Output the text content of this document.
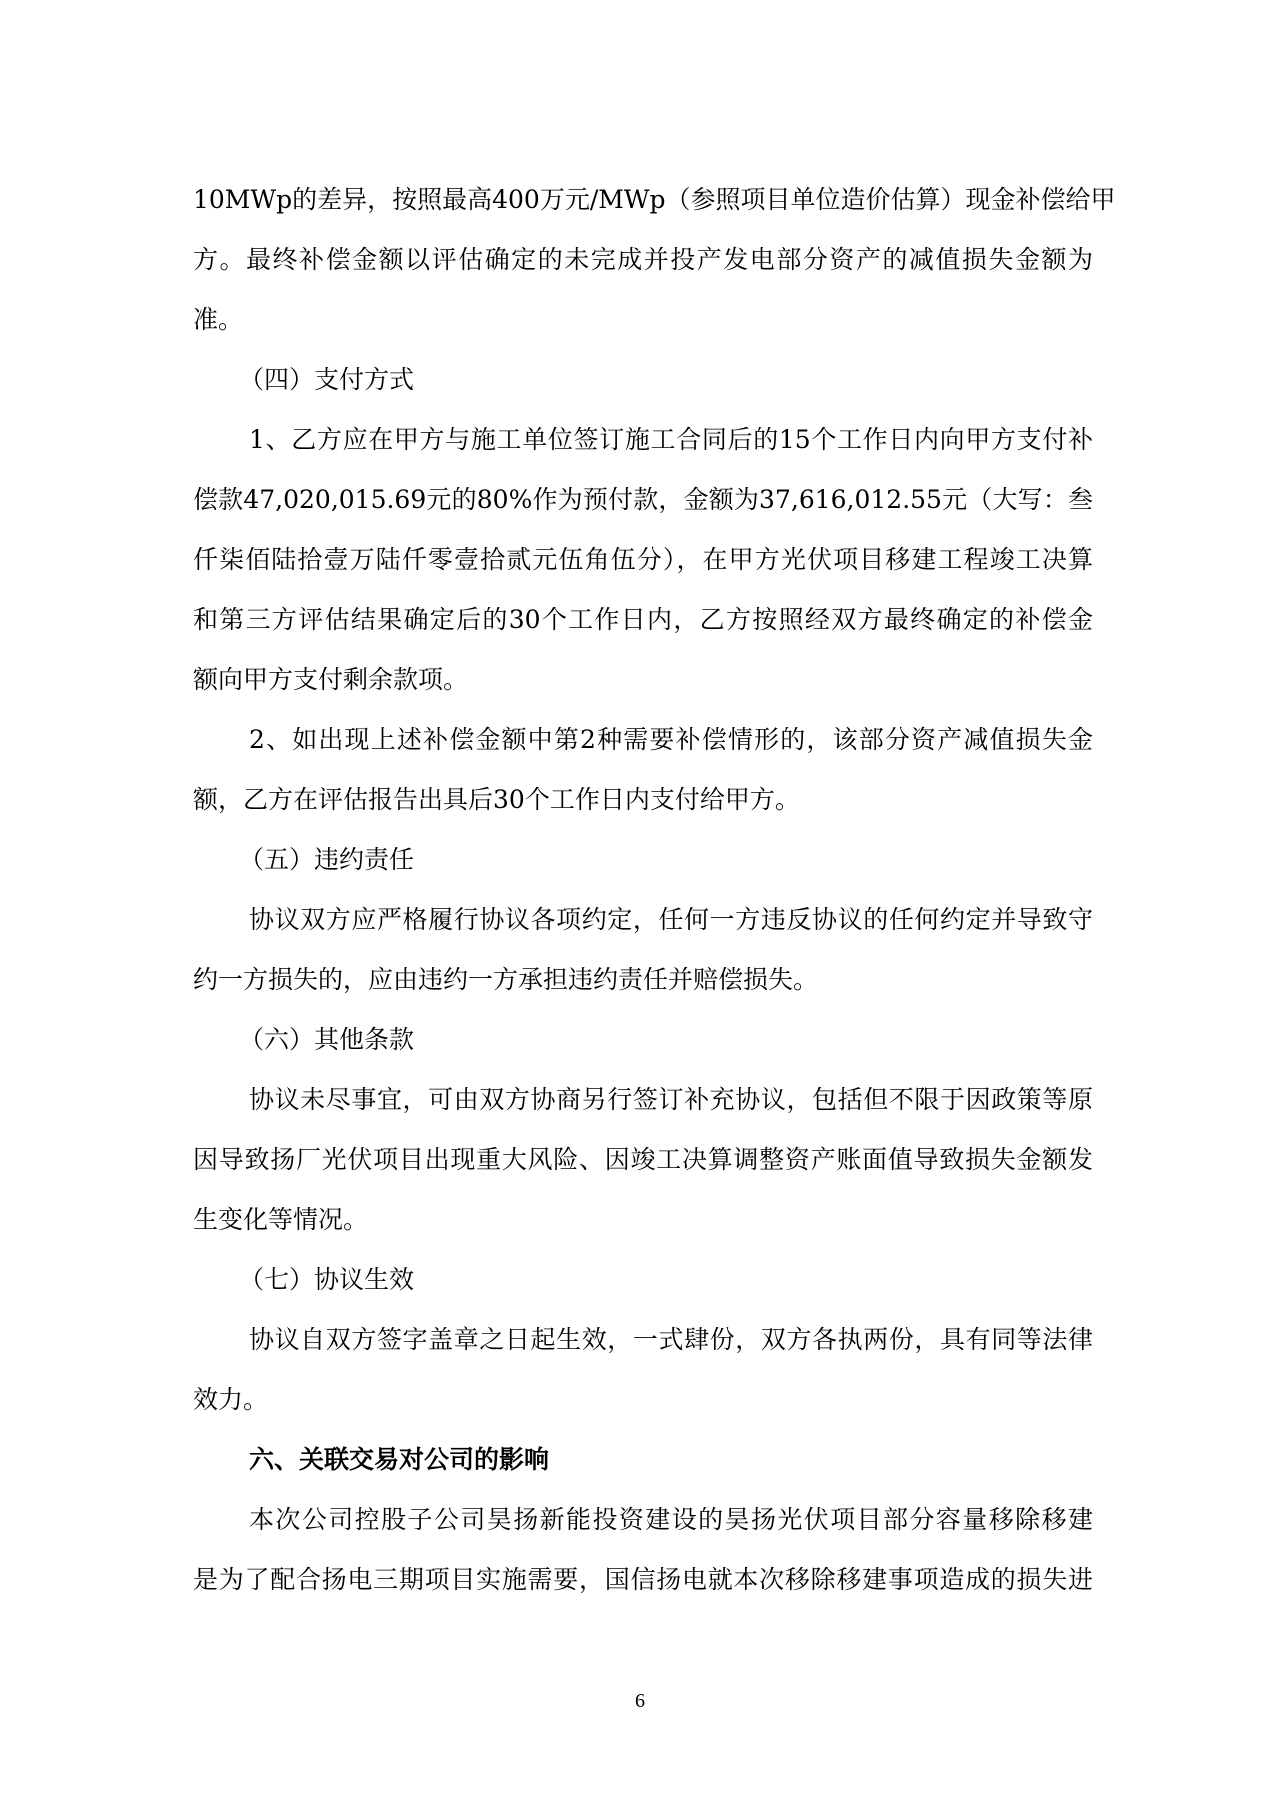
10MWp的差异，按照最高400万元/MWp（参照项目单位造价估算）现金补偿给甲
方。最终补偿金额以评估确定的未完成并投产发电部分资产的减值损失金额为
准。
（四）支付方式
1、乙方应在甲方与施工单位签订施工合同后的15个工作日内向甲方支付补
偿款47,020,015.69元的80%作为预付款，金额为37,616,012.55元（大写：叁
仟柒佰陆拾壹万陆仟零壹拾贰元伍角伍分），在甲方光伏项目移建工程竣工决算
和第三方评估结果确定后的30个工作日内，乙方按照经双方最终确定的补偿金
额向甲方支付剩余款项。
2、如出现上述补偿金额中第2种需要补偿情形的，该部分资产减值损失金
额，乙方在评估报告出具后30个工作日内支付给甲方。
（五）违约责任
协议双方应严格履行协议各项约定，任何一方违反协议的任何约定并导致守
约一方损失的，应由违约一方承担违约责任并赔偿损失。
（六）其他条款
协议未尽事宜，可由双方协商另行签订补充协议，包括但不限于因政策等原
因导致扬厂光伏项目出现重大风险、因竣工决算调整资产账面值导致损失金额发
生变化等情况。
（七）协议生效
协议自双方签字盖章之日起生效，一式肆份，双方各执两份，具有同等法律
效力。
六、关联交易对公司的影响
本次公司控股子公司昊扬新能投资建设的昊扬光伏项目部分容量移除移建
是为了配合扬电三期项目实施需要，国信扬电就本次移除移建事项造成的损失进
6
